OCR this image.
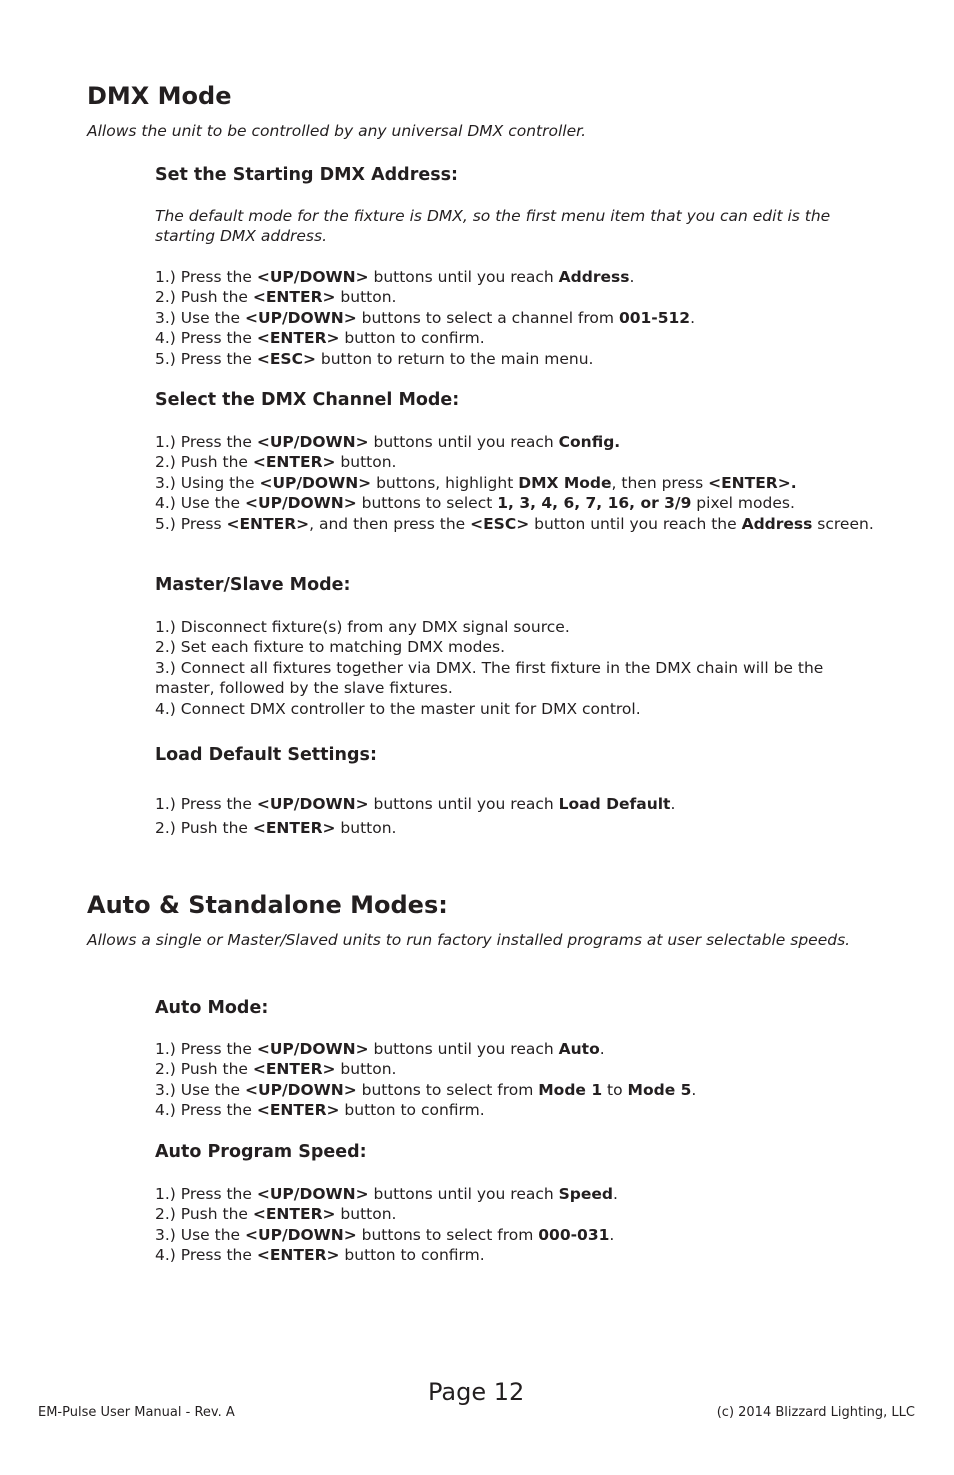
DMX Mode

Allows the unit to be controlled by any universal DMX controller.

Set the Starting DMX Address:

The default mode for the fixture is DMX, so the first menu item that you can edit is the starting DMX address.

1.) Press the <UP/DOWN> buttons until you reach Address.
2.) Push the <ENTER> button.
3.) Use the <UP/DOWN> buttons to select a channel from 001-512.
4.) Press the <ENTER> button to confirm.
5.) Press the <ESC> button to return to the main menu.
Select the DMX Channel Mode:
1.) Press the <UP/DOWN> buttons until you reach Config.
2.) Push the <ENTER> button.
3.) Using the <UP/DOWN> buttons, highlight DMX Mode, then press <ENTER>.
4.) Use the <UP/DOWN> buttons to select 1, 3, 4, 6, 7, 16, or 3/9 pixel modes.
5.) Press <ENTER>, and then press the <ESC> button until you reach the Address screen.
Master/Slave Mode:
1.) Disconnect fixture(s) from any DMX signal source.
2.) Set each fixture to matching DMX modes.
3.) Connect all fixtures together via DMX. The first fixture in the DMX chain will be the master, followed by the slave fixtures.
4.) Connect DMX controller to the master unit for DMX control.
Load Default Settings:
1.) Press the <UP/DOWN> buttons until you reach Load Default.
2.) Push the <ENTER> button.
Auto & Standalone Modes:

Allows a single or Master/Slaved units to run factory installed programs at user selectable speeds.

Auto Mode:
1.) Press the <UP/DOWN> buttons until you reach Auto.
2.) Push the <ENTER> button.
3.) Use the <UP/DOWN> buttons to select from Mode 1 to Mode 5.
4.) Press the <ENTER> button to confirm.
Auto Program Speed:
1.) Press the <UP/DOWN> buttons until you reach Speed.
2.) Push the <ENTER> button.
3.) Use the <UP/DOWN> buttons to select from 000-031.
4.) Press the <ENTER> button to confirm.
Page 12
EM-Pulse User Manual - Rev. A	(c) 2014 Blizzard Lighting, LLC
